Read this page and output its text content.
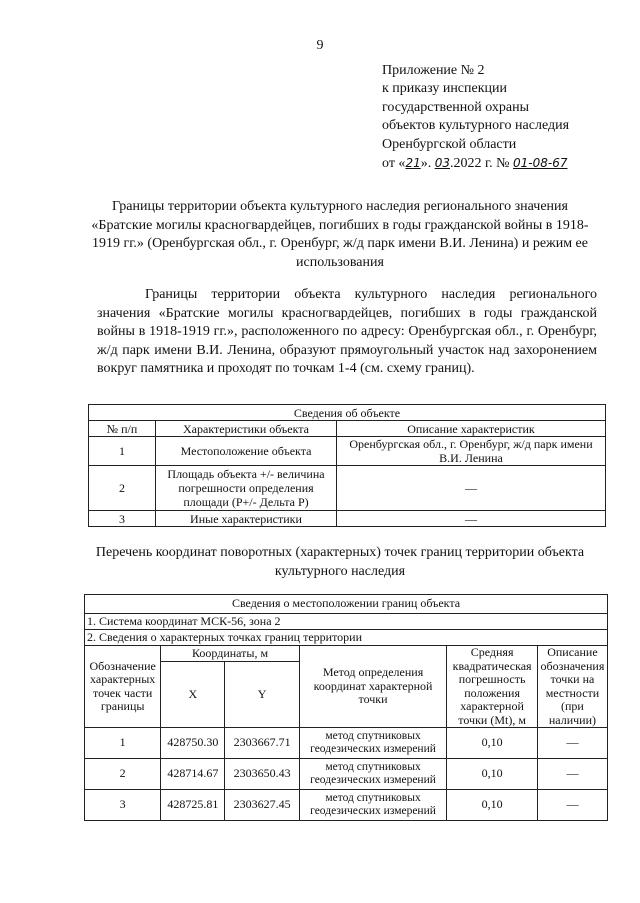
9
Приложение № 2
к приказу инспекции
государственной охраны
объектов культурного наследия
Оренбургской области
от «21». 03.2022 г. № 01-08-67
Границы территории объекта культурного наследия регионального значения «Братские могилы красногвардейцев, погибших в годы гражданской войны в 1918-1919 гг.» (Оренбургская обл., г. Оренбург, ж/д парк имени В.И. Ленина) и режим ее использования
Границы территории объекта культурного наследия регионального значения «Братские могилы красногвардейцев, погибших в годы гражданской войны в 1918-1919 гг.», расположенного по адресу: Оренбургская обл., г. Оренбург, ж/д парк имени В.И. Ленина, образуют прямоугольный участок над захоронением вокруг памятника и проходят по точкам 1-4 (см. схему границ).
Сведения об объекте		
№ п/п	Характеристики объекта	Описание характеристик
1	Местоположение объекта	Оренбургская обл., г. Оренбург, ж/д парк имени В.И. Ленина
2	Площадь объекта +/- величина погрешности определения площади (Р+/- Дельта Р)	—
3	Иные характеристики	—
Перечень координат поворотных (характерных) точек границ территории объекта культурного наследия
Сведения о местоположении границ объекта					
1. Система координат МСК-56, зона 2					
2. Сведения о характерных точках границ территории					
Обозначение характерных точек части границы	Координаты, м		Метод определения координат характерной точки	Средняя квадратическая погрешность положения характерной точки (Mt), м	Описание обозначения точки на местности (при наличии)
	X	Y			
1	428750.30	2303667.71	метод спутниковых геодезических измерений	0,10	—
2	428714.67	2303650.43	метод спутниковых геодезических измерений	0,10	—
3	428725.81	2303627.45	метод спутниковых геодезических измерений	0,10	—
